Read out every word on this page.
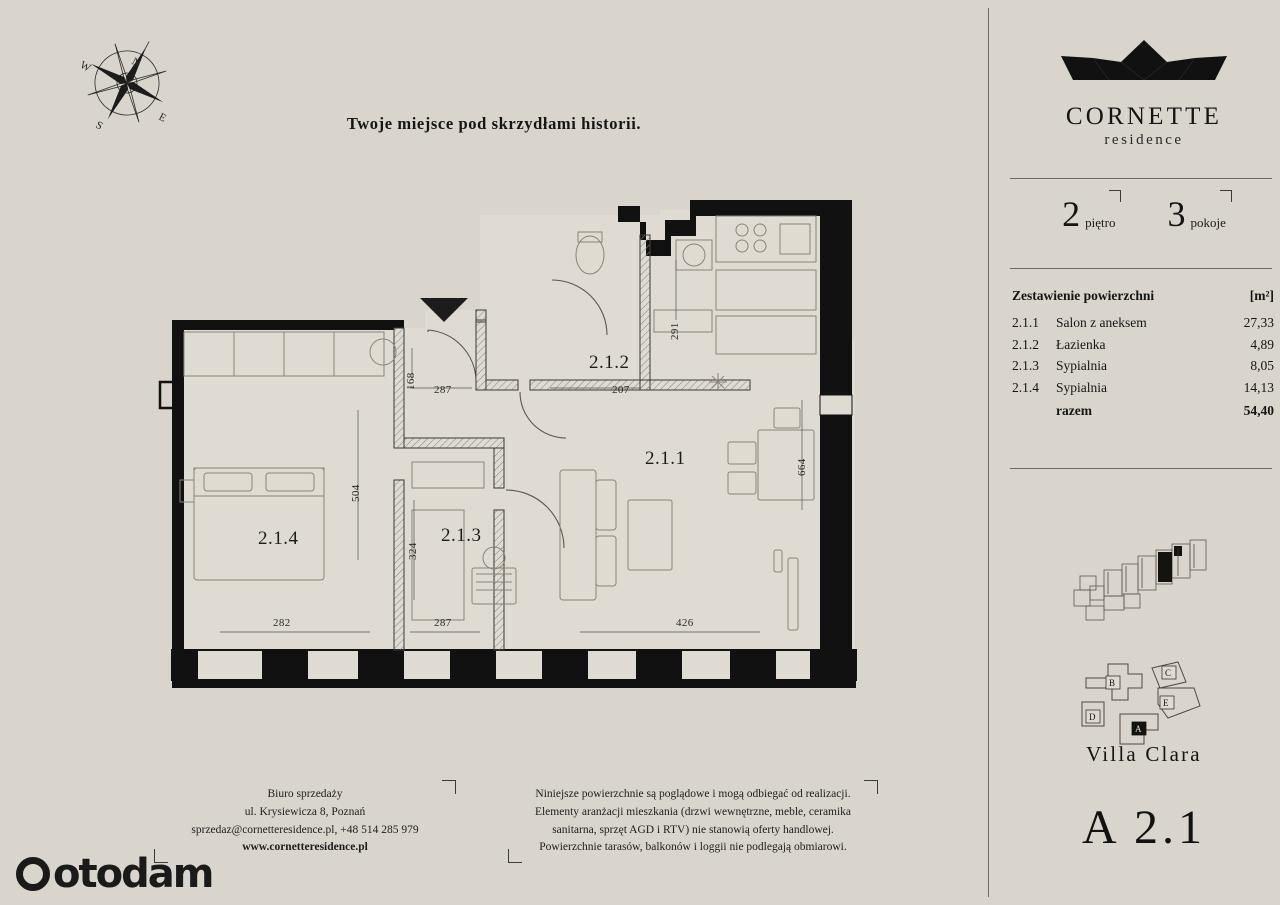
N
E
S
W
Twoje miejsce pod skrzydłami historii.
2.1.1
2.1.2
2.1.3
2.1.4
291
168 287	207
504
664
324
282	287	426
Biuro sprzedaży
ul. Krysiewicza 8, Poznań
sprzedaz@cornetteresidence.pl, +48 514 285 979
www.cornetteresidence.pl
Niniejsze powierzchnie są poglądowe i mogą odbiegać od realizacji.
Elementy aranżacji mieszkania (drzwi wewnętrzne, meble, ceramika
sanitarna, sprzęt AGD i RTV) nie stanowią oferty handlowej.
Powierzchnie tarasów, balkonów i loggii nie podlegają obmiarowi.
otodam
CORNETTE
residence
2 piętro 3 pokoje
Zestawienie powierzchni	[m²]
2.1.1	Salon z aneksem	27,33
2.1.2	Łazienka	4,89
2.1.3	Sypialnia	8,05
2.1.4	Sypialnia	14,13
razem	54,40
B
C
D
E
A
Villa Clara
A 2.1
